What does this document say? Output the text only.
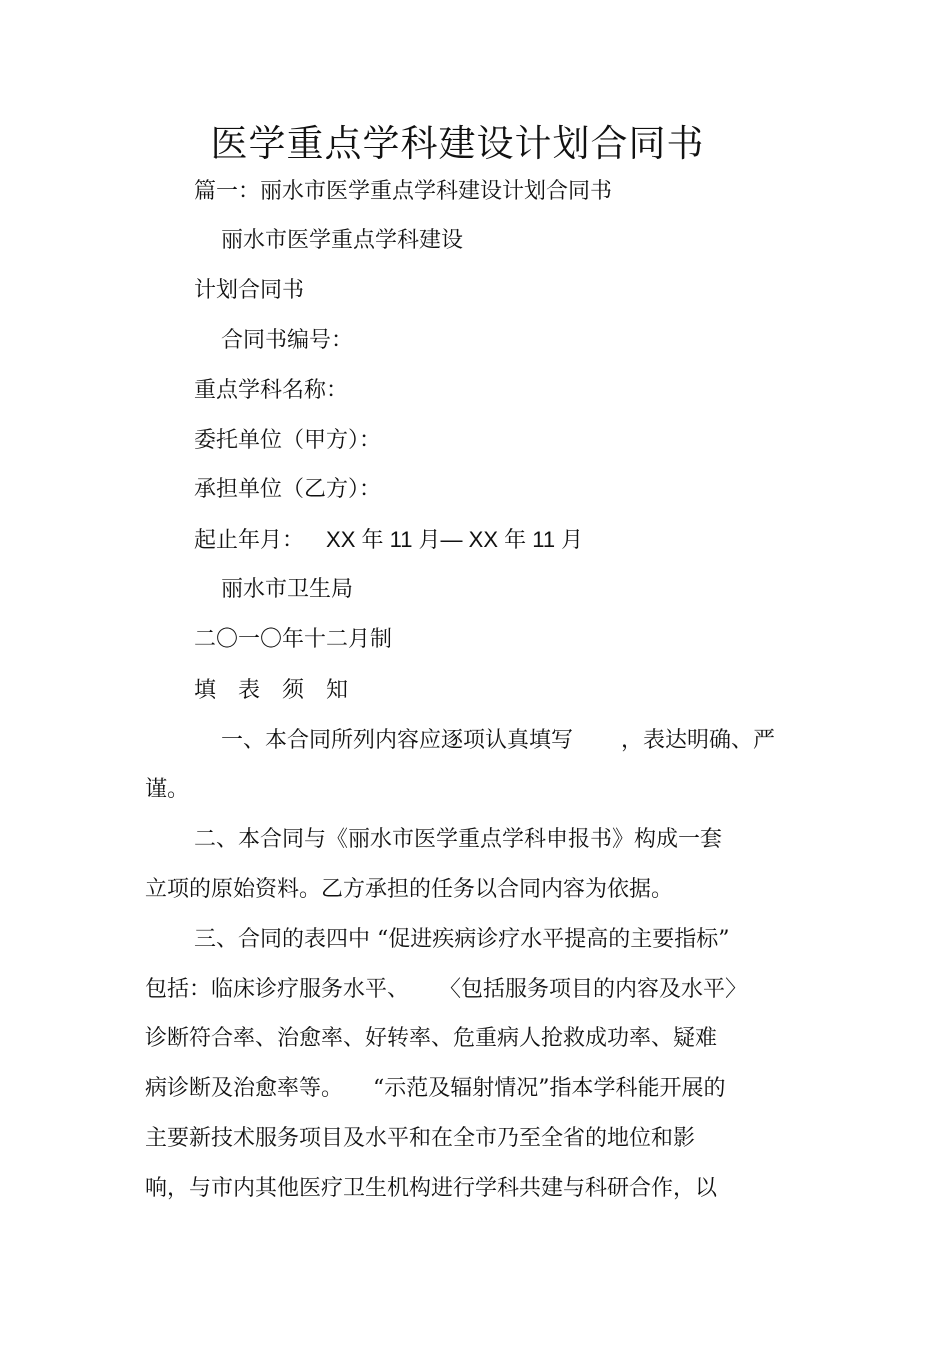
医学重点学科建设计划合同书
篇一：丽水市医学重点学科建设计划合同书
丽水市医学重点学科建设
计划合同书
合同书编号：
重点学科名称：
委托单位（甲方）：
承担单位（乙方）：
起止年月： XX 年 11 月— XX 年 11 月
丽水市卫生局
二〇一〇年十二月制
填表须知
一、本合同所列内容应逐项认真填写 ，表达明确、严
谨。
二、本合同与《丽水市医学重点学科申报书》构成一套
立项的原始资料。乙方承担的任务以合同内容为依据。
三、合同的表四中 “促进疾病诊疗水平提高的主要指标”
包括：临床诊疗服务水平、 〈包括服务项目的内容及水平〉
诊断符合率、治愈率、好转率、危重病人抢救成功率、疑难
病诊断及治愈率等。 “示范及辐射情况”指本学科能开展的
主要新技术服务项目及水平和在全市乃至全省的地位和影
响，与市内其他医疗卫生机构进行学科共建与科研合作，以
